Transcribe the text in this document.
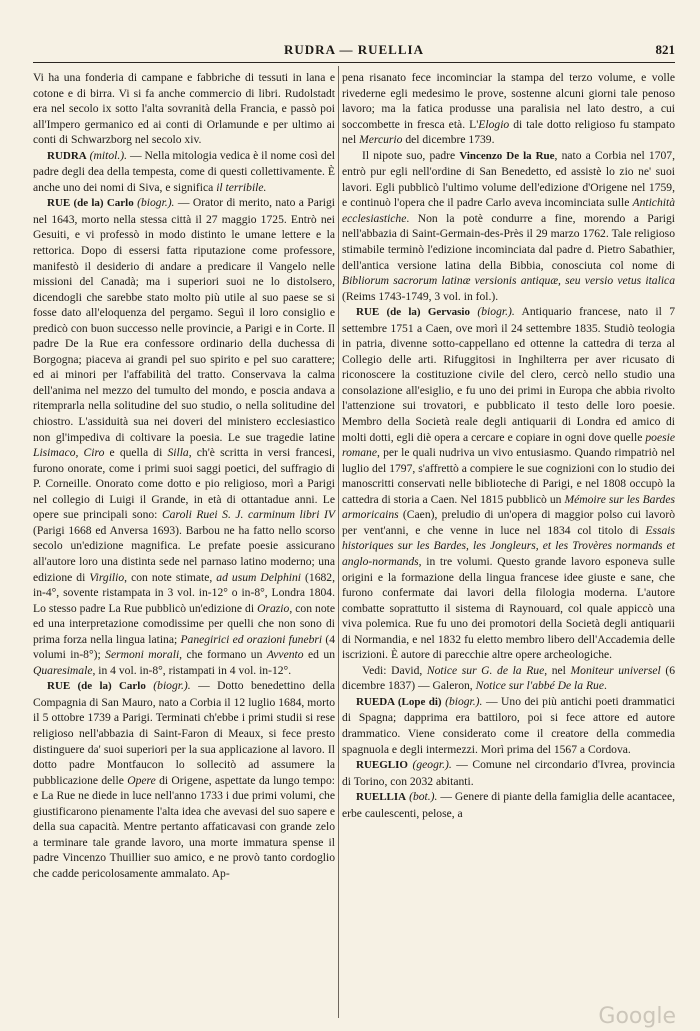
RUDRA — RUELLIA	821

Vi ha una fonderia di campane e fabbriche di tessuti in lana e cotone e di birra. Vi si fa anche commercio di libri. Rudolstadt era nel secolo ix sotto l'alta sovranità della Francia, e passò poi all'Impero germanico ed ai conti di Orlamunde e per ultimo ai conti di Schwarzborg nel secolo xiv.

RUDRA (mitol.). — Nella mitologia vedica è il nome così del padre degli dea della tempesta, come di questi collettivamente. È anche uno dei nomi di Siva, e significa il terribile.

RUE (de la) Carlo (biogr.). — Orator di merito, nato a Parigi nel 1643, morto nella stessa città il 27 maggio 1725. Entrò nei Gesuiti, e vi professò in modo distinto le umane lettere e la rettorica. Dopo di essersi fatta riputazione come professore, manifestò il desiderio di andare a predicare il Vangelo nelle missioni del Canadà; ma i superiori suoi ne lo distolsero, dicendogli che sarebbe stato molto più utile al suo paese se si fosse dato all'eloquenza del pergamo. Seguì il loro consiglio e predicò con buon successo nelle provincie, a Parigi e in Corte. Il padre De la Rue era confessore ordinario della duchessa di Borgogna; piaceva ai grandi pel suo spirito e pel suo carattere; ed ai minori per l'affabilità del tratto. Conservava la calma dell'anima nel mezzo del tumulto del mondo, e poscia andava a ritemprarla nella solitudine del suo studio, o nella solitudine del chiostro. L'assiduità sua nei doveri del ministero ecclesiastico non gl'impediva di coltivare la poesia. Le sue tragedie latine Lisimaco, Ciro e quella di Silla, ch'è scritta in versi francesi, furono onorate, come i primi suoi saggi poetici, del suffragio di P. Corneille. Onorato come dotto e pio religioso, morì a Parigi nel collegio di Luigi il Grande, in età di ottantadue anni. Le opere sue principali sono: Caroli Ruei S. J. carminum libri IV (Parigi 1668 ed Anversa 1693). Barbou ne ha fatto nello scorso secolo un'edizione magnifica. Le prefate poesie assicurano all'autore loro una distinta sede nel parnaso latino moderno; una edizione di Virgilio, con note stimate, ad usum Delphini (1682, in-4°, sovente ristampata in 3 vol. in-12° o in-8°, Londra 1804. Lo stesso padre La Rue pubblicò un'edizione di Orazio, con note ed una interpretazione comodissime per quelli che non sono di prima forza nella lingua latina; Panegirici ed orazioni funebri (4 volumi in-8°); Sermoni morali, che formano un Avvento ed un Quaresimale, in 4 vol. in-8°, ristampati in 4 vol. in-12°.

RUE (de la) Carlo (biogr.). — Dotto benedettino della Compagnia di San Mauro, nato a Corbia il 12 luglio 1684, morto il 5 ottobre 1739 a Parigi. Terminati ch'ebbe i primi studii si rese religioso nell'abbazia di Saint-Faron di Meaux, si fece presto distinguere da' suoi superiori per la sua applicazione al lavoro. Il dotto padre Montfaucon lo sollecitò ad assumere la pubblicazione delle Opere di Origene, aspettate da lungo tempo: e La Rue ne diede in luce nell'anno 1733 i due primi volumi, che giustificarono pienamente l'alta idea che avevasi del suo sapere e della sua capacità. Mentre pertanto affaticavasi con grande zelo a terminare tale grande lavoro, una morte immatura spense il padre Vincenzo Thuillier suo amico, e ne provò tanto cordoglio che cadde pericolosamente ammalato. Ap-

pena risanato fece incominciar la stampa del terzo volume, e volle rivederne egli medesimo le prove, sostenne alcuni giorni tale penoso lavoro; ma la fatica produsse una paralisia nel lato destro, a cui soccombette in fresca età. L'Elogio di tale dotto religioso fu stampato nel Mercurio del dicembre 1739.

Il nipote suo, padre Vincenzo De la Rue, nato a Corbia nel 1707, entrò pur egli nell'ordine di San Benedetto, ed assistè lo zio ne' suoi lavori. Egli pubblicò l'ultimo volume dell'edizione d'Origene nel 1759, e continuò l'opera che il padre Carlo aveva incominciata sulle Antichità ecclesiastiche. Non la potè condurre a fine, morendo a Parigi nell'abbazia di Saint-Germain-des-Près il 29 marzo 1762. Tale religioso stimabile terminò l'edizione incominciata dal padre d. Pietro Sabathier, dell'antica versione latina della Bibbia, conosciuta col nome di Bibliorum sacrorum latinæ versionis antiquæ, seu versio vetus italica (Reims 1743-1749, 3 vol. in fol.).

RUE (de la) Gervasio (biogr.). Antiquario francese, nato il 7 settembre 1751 a Caen, ove morì il 24 settembre 1835. Studiò teologia in patria, divenne sotto-cappellano ed ottenne la cattedra di terza al Collegio delle arti. Rifuggitosi in Inghilterra per aver ricusato di riconoscere la costituzione civile del clero, cercò nello studio una consolazione all'esiglio, e fu uno dei primi in Europa che abbia rivolto l'attenzione sui trovatori, e pubblicato il testo delle loro poesie. Membro della Società reale degli antiquarii di Londra ed amico di molti dotti, egli diè opera a cercare e copiare in ogni dove quelle poesie romane, per le quali nudriva un vivo entusiasmo. Quando rimpatriò nel luglio del 1797, s'affrettò a compiere le sue cognizioni con lo studio dei manoscritti conservati nelle biblioteche di Parigi, e nel 1808 occupò la cattedra di storia a Caen. Nel 1815 pubblicò un Mémoire sur les Bardes armoricains (Caen), preludio di un'opera di maggior polso cui lavorò per vent'anni, e che venne in luce nel 1834 col titolo di Essais historiques sur les Bardes, les Jongleurs, et les Trovères normands et anglo-normands, in tre volumi. Questo grande lavoro esponeva sulle origini e la formazione della lingua francese idee giuste e sane, che furono confermate dai lavori della filologia moderna. L'autore combatte soprattutto il sistema di Raynouard, col quale appiccò una viva polemica. Rue fu uno dei promotori della Società degli antiquarii di Normandia, e nel 1832 fu eletto membro libero dell'Accademia delle iscrizioni. È autore di parecchie altre opere archeologiche.

Vedi: David, Notice sur G. de la Rue, nel Moniteur universel (6 dicembre 1837) — Galeron, Notice sur l'abbé De la Rue.

RUEDA (Lope di) (biogr.). — Uno dei più antichi poeti drammatici di Spagna; dapprima era battiloro, poi si fece attore ed autore drammatico. Viene considerato come il creatore della commedia spagnuola e degli intermezzi. Morì prima del 1567 a Cordova.

RUEGLIO (geogr.). — Comune nel circondario d'Ivrea, provincia di Torino, con 2032 abitanti.

RUELLIA (bot.). — Genere di piante della famiglia delle acantacee, erbe caulescenti, pelose, a

Google
